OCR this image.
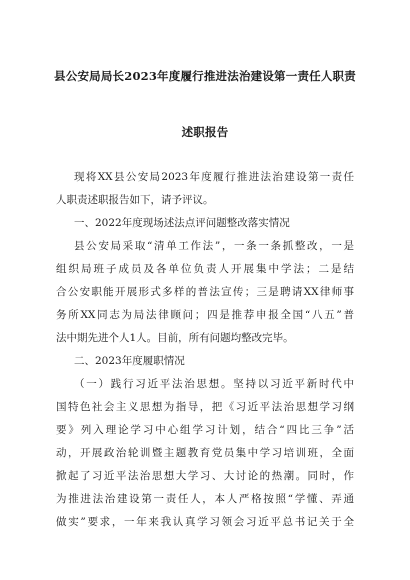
县公安局局长2023年度履行推进法治建设第一责任人职责
述职报告
现将XX县公安局2023年度履行推进法治建设第一责任
人职责述职报告如下，请予评议。
一、2022年度现场述法点评问题整改落实情况
县公安局采取“清单工作法”，一条一条抓整改，一是
组织局班子成员及各单位负责人开展集中学法；二是结
合公安职能开展形式多样的普法宣传；三是聘请XX律师事
务所XX同志为局法律顾问；四是推荐申报全国“八五”普
法中期先进个人1人。目前，所有问题均整改完毕。
二、2023年度履职情况
（一）践行习近平法治思想。坚持以习近平新时代中
国特色社会主义思想为指导，把《习近平法治思想学习纲
要》列入理论学习中心组学习计划，结合“四比三争”活
动，开展政治轮训暨主题教育党员集中学习培训班，全面
掀起了习近平法治思想大学习、大讨论的热潮。同时，作
为推进法治建设第一责任人，本人严格按照“学懂、弄通
做实”要求，一年来我认真学习领会习近平总书记关于全
